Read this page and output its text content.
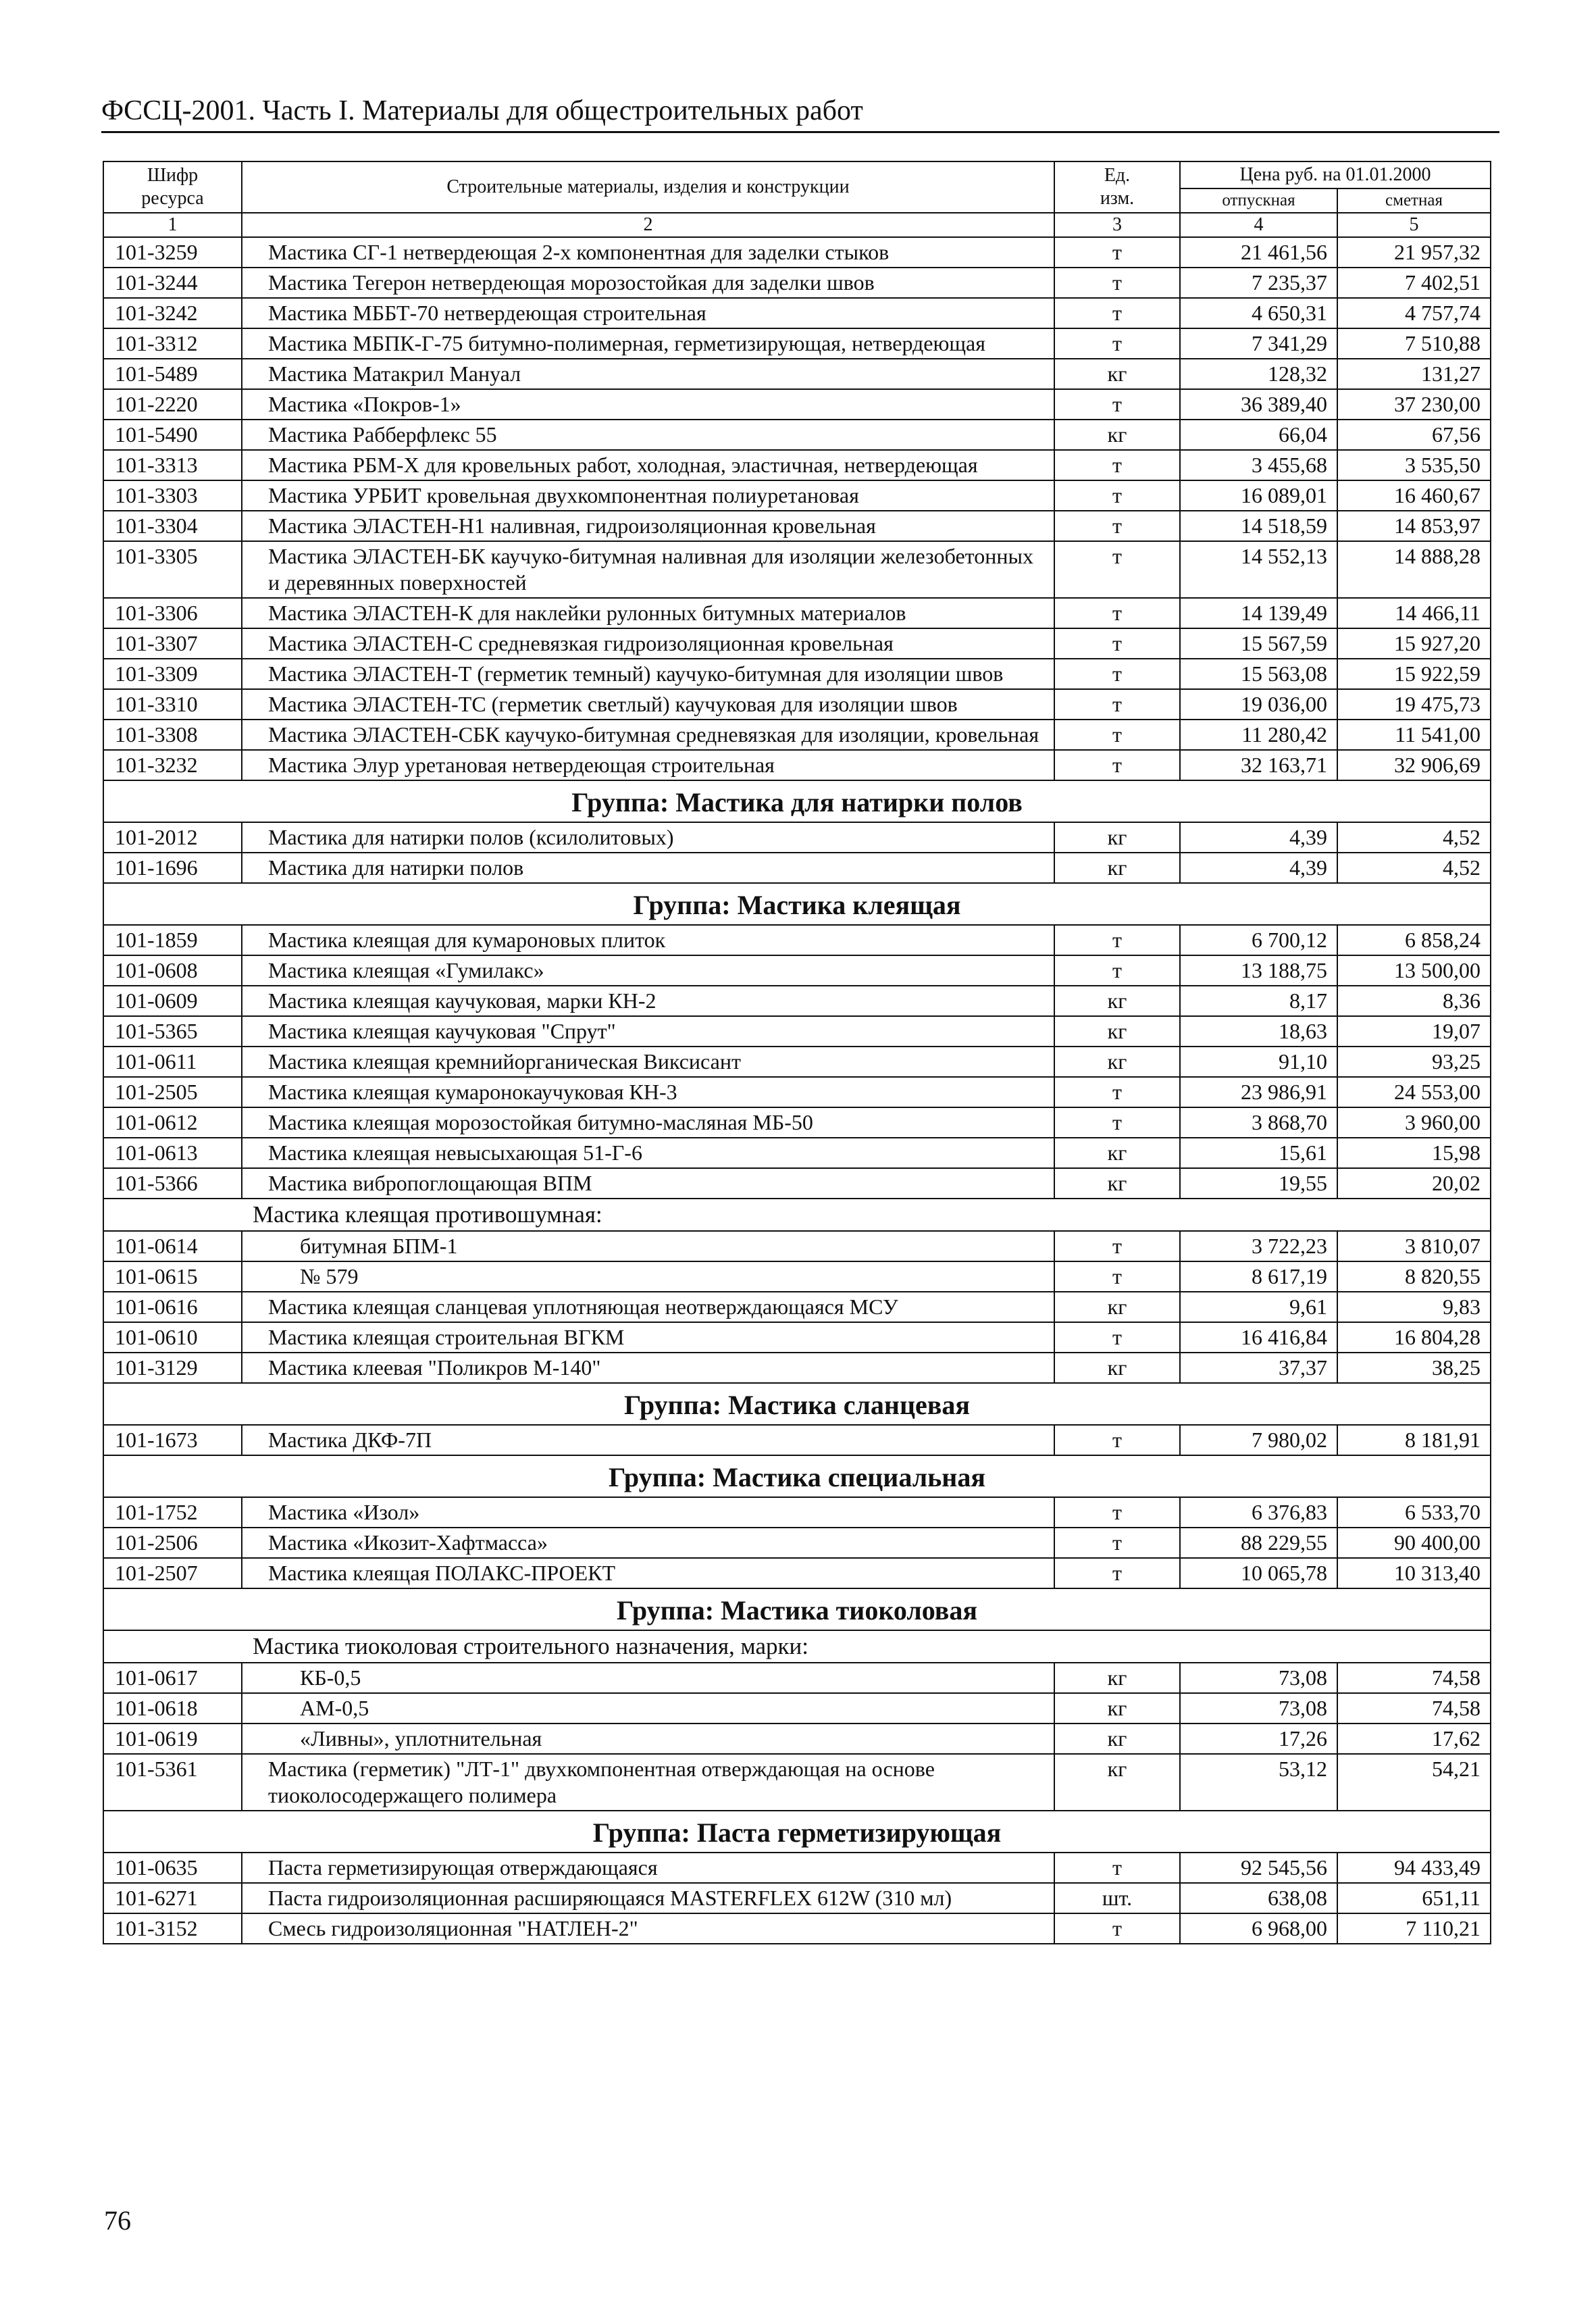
ФССЦ-2001. Часть I. Материалы для общестроительных работ
Шифр
ресурса	Строительные материалы, изделия и конструкции	Ед.
изм.	Цена руб. на 01.01.2000	
			отпускная	сметная
1	2	3	4	5
101-3259	Мастика СГ-1 нетвердеющая 2-х компонентная для заделки стыков	т	21 461,56	21 957,32
101-3244	Мастика Тегерон нетвердеющая морозостойкая для заделки швов	т	7 235,37	7 402,51
101-3242	Мастика МББТ-70 нетвердеющая строительная	т	4 650,31	4 757,74
101-3312	Мастика МБПК-Г-75 битумно-полимерная, герметизирующая, нетвердеющая	т	7 341,29	7 510,88
101-5489	Мастика Матакрил Мануал	кг	128,32	131,27
101-2220	Мастика «Покров-1»	т	36 389,40	37 230,00
101-5490	Мастика Рабберфлекс 55	кг	66,04	67,56
101-3313	Мастика РБМ-Х для кровельных работ, холодная, эластичная, нетвердеющая	т	3 455,68	3 535,50
101-3303	Мастика УРБИТ кровельная двухкомпонентная полиуретановая	т	16 089,01	16 460,67
101-3304	Мастика ЭЛАСТЕН-Н1 наливная, гидроизоляционная кровельная	т	14 518,59	14 853,97
101-3305	Мастика ЭЛАСТЕН-БК каучуко-битумная наливная для изоляции железобетонных и деревянных поверхностей	т	14 552,13	14 888,28
101-3306	Мастика ЭЛАСТЕН-К для наклейки рулонных битумных материалов	т	14 139,49	14 466,11
101-3307	Мастика ЭЛАСТЕН-С средневязкая гидроизоляционная кровельная	т	15 567,59	15 927,20
101-3309	Мастика ЭЛАСТЕН-Т (герметик темный) каучуко-битумная для изоляции швов	т	15 563,08	15 922,59
101-3310	Мастика ЭЛАСТЕН-ТС (герметик светлый) каучуковая для изоляции швов	т	19 036,00	19 475,73
101-3308	Мастика ЭЛАСТЕН-СБК каучуко-битумная средневязкая для изоляции, кровельная	т	11 280,42	11 541,00
101-3232	Мастика Элур уретановая нетвердеющая строительная	т	32 163,71	32 906,69
Группа: Мастика для натирки полов				
101-2012	Мастика для натирки полов (ксилолитовых)	кг	4,39	4,52
101-1696	Мастика для натирки полов	кг	4,39	4,52
Группа: Мастика клеящая				
101-1859	Мастика клеящая для кумароновых плиток	т	6 700,12	6 858,24
101-0608	Мастика клеящая «Гумилакс»	т	13 188,75	13 500,00
101-0609	Мастика клеящая каучуковая, марки КН-2	кг	8,17	8,36
101-5365	Мастика клеящая каучуковая "Спрут"	кг	18,63	19,07
101-0611	Мастика клеящая кремнийорганическая Виксисант	кг	91,10	93,25
101-2505	Мастика клеящая кумаронокаучуковая КН-3	т	23 986,91	24 553,00
101-0612	Мастика клеящая морозостойкая битумно-масляная МБ-50	т	3 868,70	3 960,00
101-0613	Мастика клеящая невысыхающая 51-Г-6	кг	15,61	15,98
101-5366	Мастика вибропоглощающая ВПМ	кг	19,55	20,02
Мастика клеящая противошумная:				
101-0614	битумная БПМ-1	т	3 722,23	3 810,07
101-0615	№ 579	т	8 617,19	8 820,55
101-0616	Мастика клеящая сланцевая уплотняющая неотверждающаяся МСУ	кг	9,61	9,83
101-0610	Мастика клеящая строительная ВГКМ	т	16 416,84	16 804,28
101-3129	Мастика клеевая "Поликров М-140"	кг	37,37	38,25
Группа: Мастика сланцевая				
101-1673	Мастика ДКФ-7П	т	7 980,02	8 181,91
Группа: Мастика специальная				
101-1752	Мастика «Изол»	т	6 376,83	6 533,70
101-2506	Мастика «Икозит-Хафтмасса»	т	88 229,55	90 400,00
101-2507	Мастика клеящая ПОЛАКС-ПРОЕКТ	т	10 065,78	10 313,40
Группа: Мастика тиоколовая				
Мастика тиоколовая строительного назначения, марки:				
101-0617	КБ-0,5	кг	73,08	74,58
101-0618	АМ-0,5	кг	73,08	74,58
101-0619	«Ливны», уплотнительная	кг	17,26	17,62
101-5361	Мастика (герметик) "ЛТ-1" двухкомпонентная отверждающая на основе тиоколосодержащего полимера	кг	53,12	54,21
Группа: Паста герметизирующая				
101-0635	Паста герметизирующая отверждающаяся	т	92 545,56	94 433,49
101-6271	Паста гидроизоляционная расширяющаяся MASTERFLEX 612W (310 мл)	шт.	638,08	651,11
101-3152	Смесь гидроизоляционная "НАТЛЕН-2"	т	6 968,00	7 110,21
76
